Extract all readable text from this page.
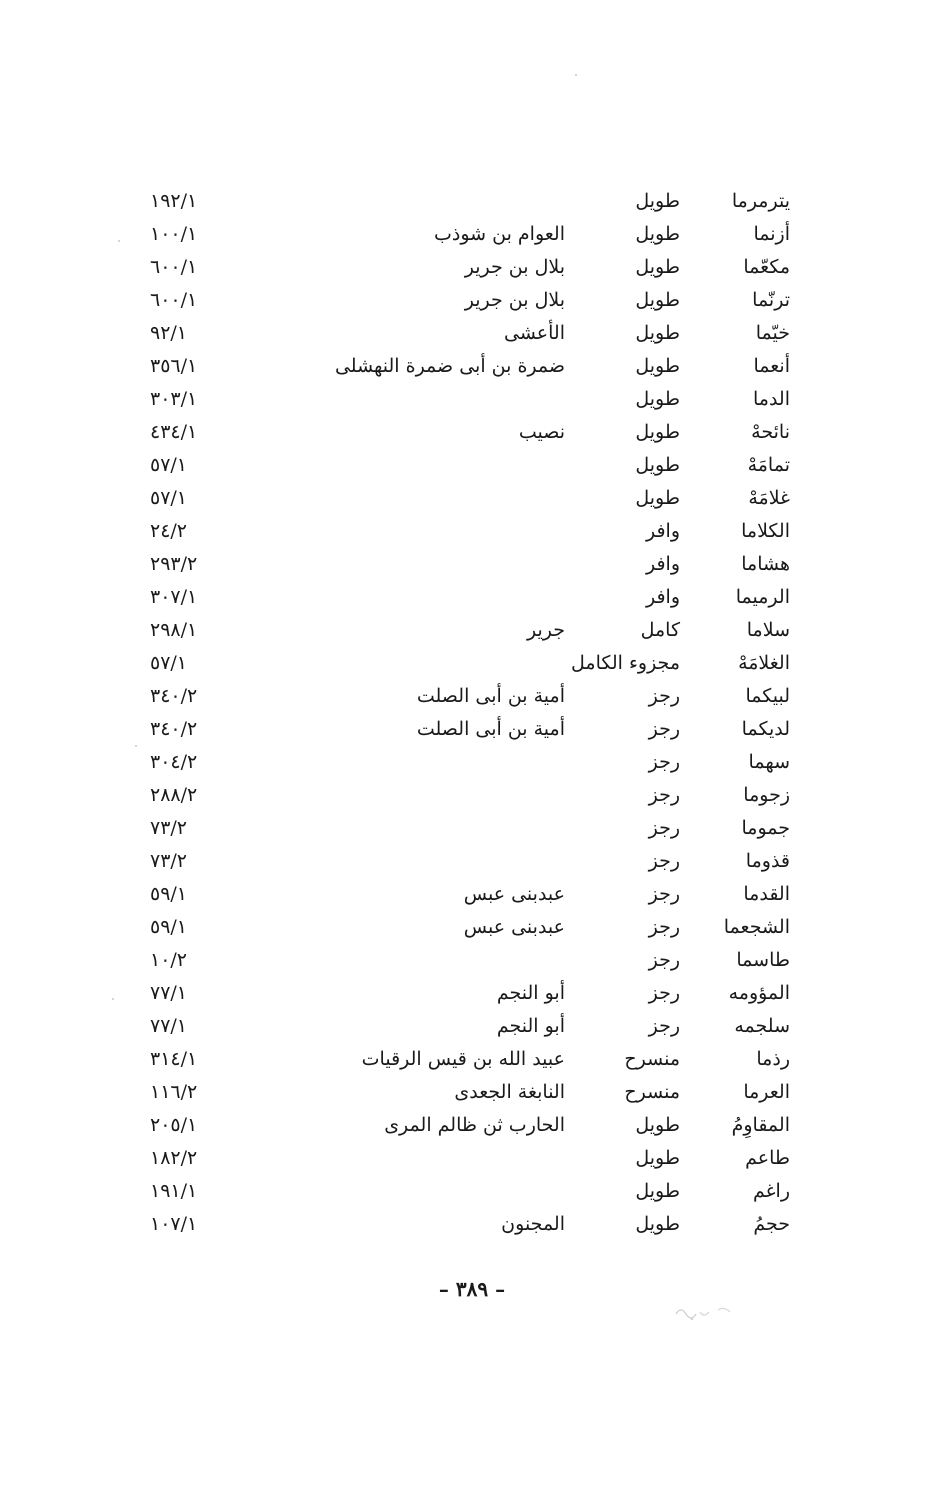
يترمرما
طويل
١٩٢/١
أزنما
طويل
العوام بن شوذب
١٠٠/١
مكعّما
طويل
بلال بن جرير
٦٠٠/١
ترنّما
طويل
بلال بن جرير
٦٠٠/١
خيّما
طويل
الأعشى
٩٢/١
أنعما
طويل
ضمرة بن أبى ضمرة النهشلى
٣٥٦/١
الدما
طويل
٣٠٣/١
نائحهْ
طويل
نصيب
٤٣٤/١
تمامَهْ
طويل
٥٧/١
غلامَهْ
طويل
٥٧/١
الكلاما
وافر
٢٤/٢
هشاما
وافر
٢٩٣/٢
الرميما
وافر
٣٠٧/١
سلاما
كامل
جرير
٢٩٨/١
الغلامَهْ
مجزوء الكامل
٥٧/١
لبيكما
رجز
أمية بن أبى الصلت
٣٤٠/٢
لديكما
رجز
أمية بن أبى الصلت
٣٤٠/٢
سهما
رجز
٣٠٤/٢
زجوما
رجز
٢٨٨/٢
جموما
رجز
٧٣/٢
قذوما
رجز
٧٣/٢
القدما
رجز
عبدبنى عبس
٥٩/١
الشجعما
رجز
عبدبنى عبس
٥٩/١
طاسما
رجز
١٠/٢
المؤومه
رجز
أبو النجم
٧٧/١
سلجمه
رجز
أبو النجم
٧٧/١
رذما
منسرح
عبيد الله بن قيس الرقيات
٣١٤/١
العرما
منسرح
النابغة الجعدى
١١٦/٢
المقاوِمُ
طويل
الحارب ثن ظالم المرى
٢٠٥/١
طاعم
طويل
١٨٢/٢
راغم
طويل
١٩١/١
حجمُ
طويل
المجنون
١٠٧/١
– ٣٨٩ –
